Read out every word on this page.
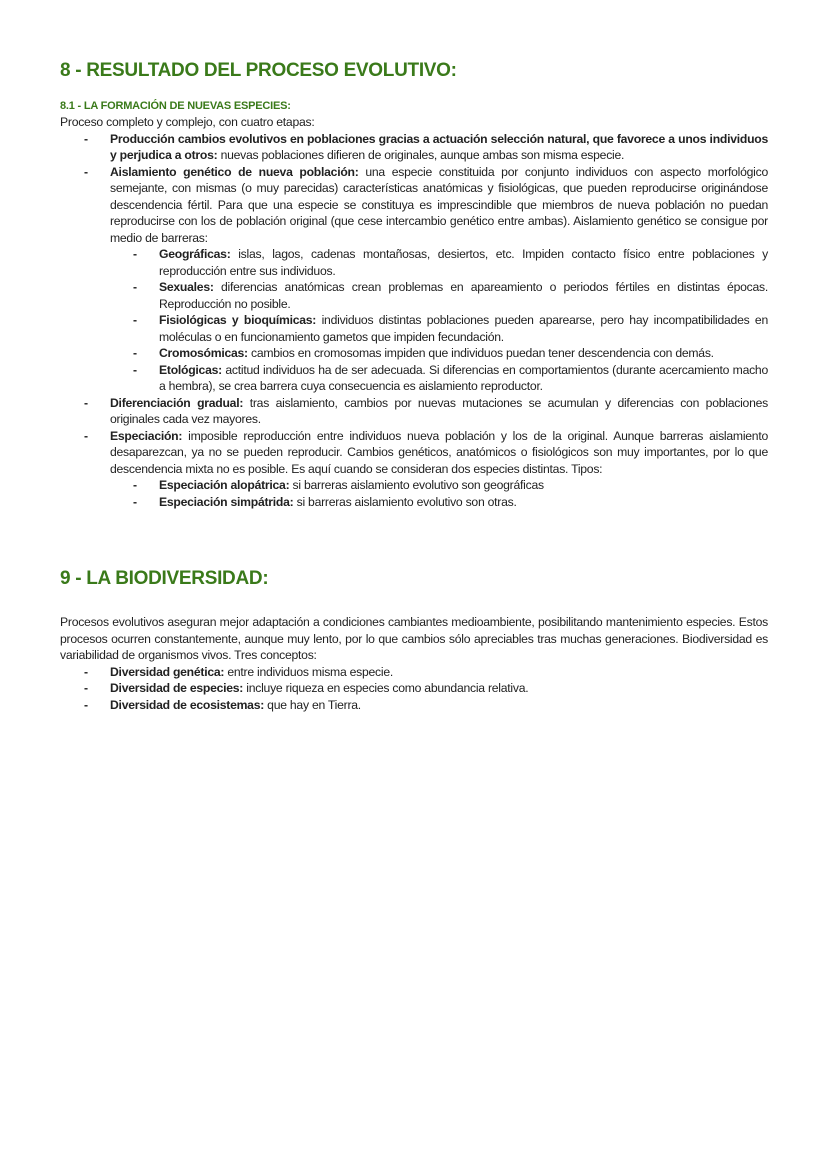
8 - RESULTADO DEL PROCESO EVOLUTIVO:
8.1 - LA FORMACIÓN DE NUEVAS ESPECIES:

Proceso completo y complejo, con cuatro etapas:

- Producción cambios evolutivos en poblaciones gracias a actuación selección natural, que favorece a unos individuos y perjudica a otros: nuevas poblaciones difieren de originales, aunque ambas son misma especie.
- Aislamiento genético de nueva población: una especie constituida por conjunto individuos con aspecto morfológico semejante, con mismas (o muy parecidas) características anatómicas y fisiológicas, que pueden reproducirse originándose descendencia fértil. Para que una especie se constituya es imprescindible que miembros de nueva población no puedan reproducirse con los de población original (que cese intercambio genético entre ambas). Aislamiento genético se consigue por medio de barreras:
- Geográficas: islas, lagos, cadenas montañosas, desiertos, etc. Impiden contacto físico entre poblaciones y reproducción entre sus individuos.
- Sexuales: diferencias anatómicas crean problemas en apareamiento o periodos fértiles en distintas épocas. Reproducción no posible.
- Fisiológicas y bioquímicas: individuos distintas poblaciones pueden aparearse, pero hay incompatibilidades en moléculas o en funcionamiento gametos que impiden fecundación.
- Cromosómicas: cambios en cromosomas impiden que individuos puedan tener descendencia con demás.
- Etológicas: actitud individuos ha de ser adecuada. Si diferencias en comportamientos (durante acercamiento macho a hembra), se crea barrera cuya consecuencia es aislamiento reproductor.
- Diferenciación gradual: tras aislamiento, cambios por nuevas mutaciones se acumulan y diferencias con poblaciones originales cada vez mayores.
- Especiación: imposible reproducción entre individuos nueva población y los de la original. Aunque barreras aislamiento desaparezcan, ya no se pueden reproducir. Cambios genéticos, anatómicos o fisiológicos son muy importantes, por lo que descendencia mixta no es posible. Es aquí cuando se consideran dos especies distintas. Tipos:
- Especiación alopátrica: si barreras aislamiento evolutivo son geográficas
- Especiación simpátrida: si barreras aislamiento evolutivo son otras.
9 - LA BIODIVERSIDAD:

Procesos evolutivos aseguran mejor adaptación a condiciones cambiantes medioambiente, posibilitando mantenimiento especies. Estos procesos ocurren constantemente, aunque muy lento, por lo que cambios sólo apreciables tras muchas generaciones. Biodiversidad es variabilidad de organismos vivos. Tres conceptos:

- Diversidad genética: entre individuos misma especie.
- Diversidad de especies: incluye riqueza en especies como abundancia relativa.
- Diversidad de ecosistemas: que hay en Tierra.
